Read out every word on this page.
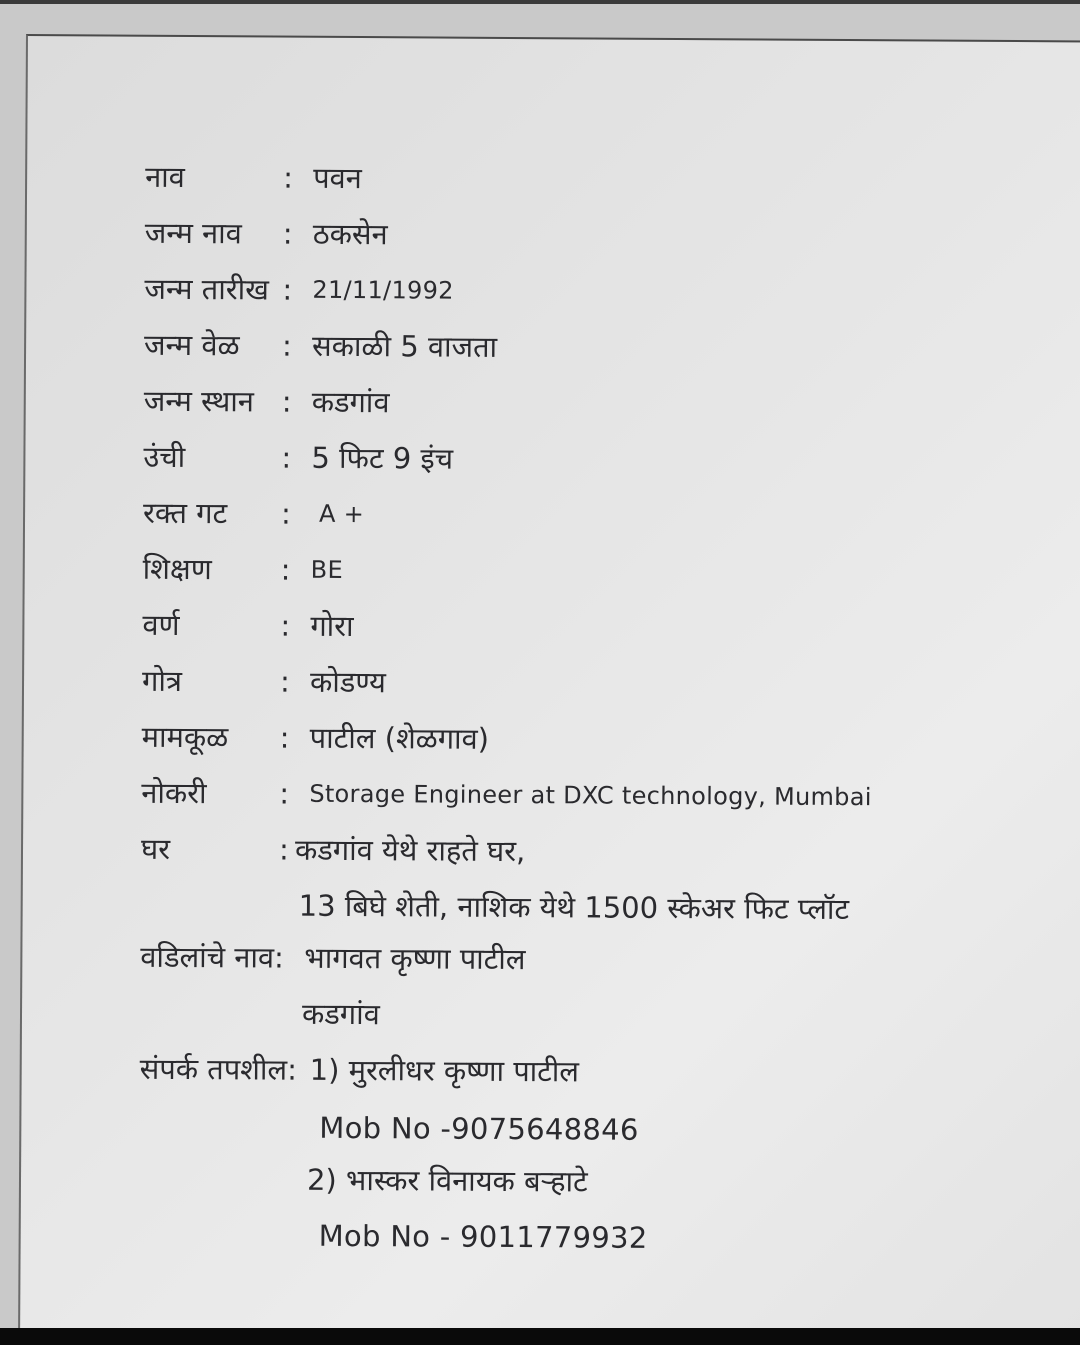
नाव	: पवन
जन्म नाव : ठकसेन
जन्म तारीख : 21/11/1992
जन्म वेळ : सकाळी 5 वाजता
जन्म स्थान : कडगांव
उंची	: 5 फिट 9 इंच
रक्त गट : A +
शिक्षण : BE
वर्ण	: गोरा
गोत्र	: कोडण्य
मामकूळ : पाटील (शेळगाव)
नोकरी	: Storage Engineer at DXC technology, Mumbai
घर	: कडगांव येथे राहते घर,
13 बिघे शेती, नाशिक येथे 1500 स्केअर फिट प्लॉट
वडिलांचे नाव: भागवत कृष्णा पाटील
कडगांव
संपर्क तपशील: 1) मुरलीधर कृष्णा पाटील
Mob No -9075648846
2) भास्कर विनायक बऱ्हाटे
Mob No - 9011779932
